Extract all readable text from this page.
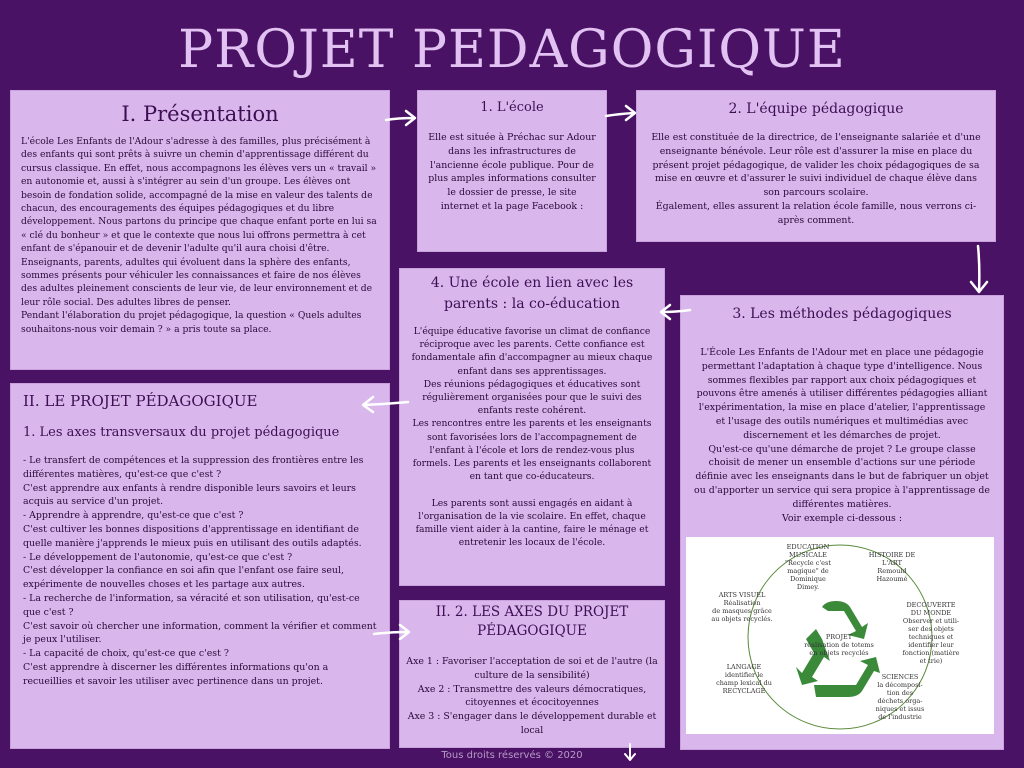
PROJET PEDAGOGIQUE
I. Présentation

L'école Les Enfants de l'Adour s'adresse à des familles, plus précisément à des enfants qui sont prêts à suivre un chemin d'apprentissage différent du cursus classique. En effet, nous accompagnons les élèves vers un « travail » en autonomie et, aussi à s'intégrer au sein d'un groupe. Les élèves ont besoin de fondation solide, accompagné de la mise en valeur des talents de chacun, des encouragements des équipes pédagogiques et du libre développement. Nous partons du principe que chaque enfant porte en lui sa « clé du bonheur » et que le contexte que nous lui offrons permettra à cet enfant de s'épanouir et de devenir l'adulte qu'il aura choisi d'être.
Enseignants, parents, adultes qui évoluent dans la sphère des enfants, sommes présents pour véhiculer les connaissances et faire de nos élèves des adultes pleinement conscients de leur vie, de leur environnement et de leur rôle social. Des adultes libres de penser.
Pendant l'élaboration du projet pédagogique, la question « Quels adultes souhaitons-nous voir demain ? » a pris toute sa place.

1. L'école

Elle est située à Préchac sur Adour dans les infrastructures de l'ancienne école publique. Pour de plus amples informations consulter le dossier de presse, le site internet et la page Facebook :

2. L'équipe pédagogique

Elle est constituée de la directrice, de l'enseignante salariée et d'une enseignante bénévole. Leur rôle est d'assurer la mise en place du présent projet pédagogique, de valider les choix pédagogiques de sa mise en œuvre et d'assurer le suivi individuel de chaque élève dans son parcours scolaire.
Également, elles assurent la relation école famille, nous verrons ci-après comment.

4. Une école en lien avec les parents : la co-éducation

L'équipe éducative favorise un climat de confiance réciproque avec les parents. Cette confiance est fondamentale afin d'accompagner au mieux chaque enfant dans ses apprentissages.
Des réunions pédagogiques et éducatives sont régulièrement organisées pour que le suivi des enfants reste cohérent.
Les rencontres entre les parents et les enseignants sont favorisées lors de l'accompagnement de l'enfant à l'école et lors de rendez-vous plus formels. Les parents et les enseignants collaborent en tant que co-éducateurs.

Les parents sont aussi engagés en aidant à l'organisation de la vie scolaire. En effet, chaque famille vient aider à la cantine, faire le ménage et entretenir les locaux de l'école.

3. Les méthodes pédagogiques

L'École Les Enfants de l'Adour met en place une pédagogie permettant l'adaptation à chaque type d'intelligence. Nous sommes flexibles par rapport aux choix pédagogiques et pouvons être amenés à utiliser différentes pédagogies alliant l'expérimentation, la mise en place d'atelier, l'apprentissage et l'usage des outils numériques et multimédias avec discernement et les démarches de projet.
Qu'est-ce qu'une démarche de projet ? Le groupe classe choisit de mener un ensemble d'actions sur une période définie avec les enseignants dans le but de fabriquer un objet ou d'apporter un service qui sera propice à l'apprentissage de différentes matières.
Voir exemple ci-dessous :

PROJET
réalisation de totems
en objets recyclés
EDUCATION
MUSICALE
"Recycle c'est
magique" de
Dominique
Dimey.
HISTOIRE DE
L'ART
Remould
Hazoumé
ARTS VISUEL
Réalisation
de masques grâce
au objets recyclés.
DECOUVERTE
DU MONDE
Observer et utili-
ser des objets
techniques et
identifier leur
fonction (matière
et trie)
LANGAGE
identifier le
champ lexical du
RECYCLAGE
SCIENCES
la décomposi-
tion des
déchets orga-
niques et issus
de l'industrie
II. LE PROJET PÉDAGOGIQUE
1. Les axes transversaux du projet pédagogique

- Le transfert de compétences et la suppression des frontières entre les différentes matières, qu'est-ce que c'est ?
C'est apprendre aux enfants à rendre disponible leurs savoirs et leurs acquis au service d'un projet.
- Apprendre à apprendre, qu'est-ce que c'est ?
C'est cultiver les bonnes dispositions d'apprentissage en identifiant de quelle manière j'apprends le mieux puis en utilisant des outils adaptés.
- Le développement de l'autonomie, qu'est-ce que c'est ?
C'est développer la confiance en soi afin que l'enfant ose faire seul, expérimente de nouvelles choses et les partage aux autres.
- La recherche de l'information, sa véracité et son utilisation, qu'est-ce que c'est ?
C'est savoir où chercher une information, comment la vérifier et comment je peux l'utiliser.
- La capacité de choix, qu'est-ce que c'est ?
C'est apprendre à discerner les différentes informations qu'on a recueillies et savoir les utiliser avec pertinence dans un projet.

II. 2. LES AXES DU PROJET PÉDAGOGIQUE

Axe 1 : Favoriser l'acceptation de soi et de l'autre (la culture de la sensibilité)

Axe 2 : Transmettre des valeurs démocratiques, citoyennes et écocitoyennes

Axe 3 : S'engager dans le développement durable et local

Tous droits réservés © 2020
